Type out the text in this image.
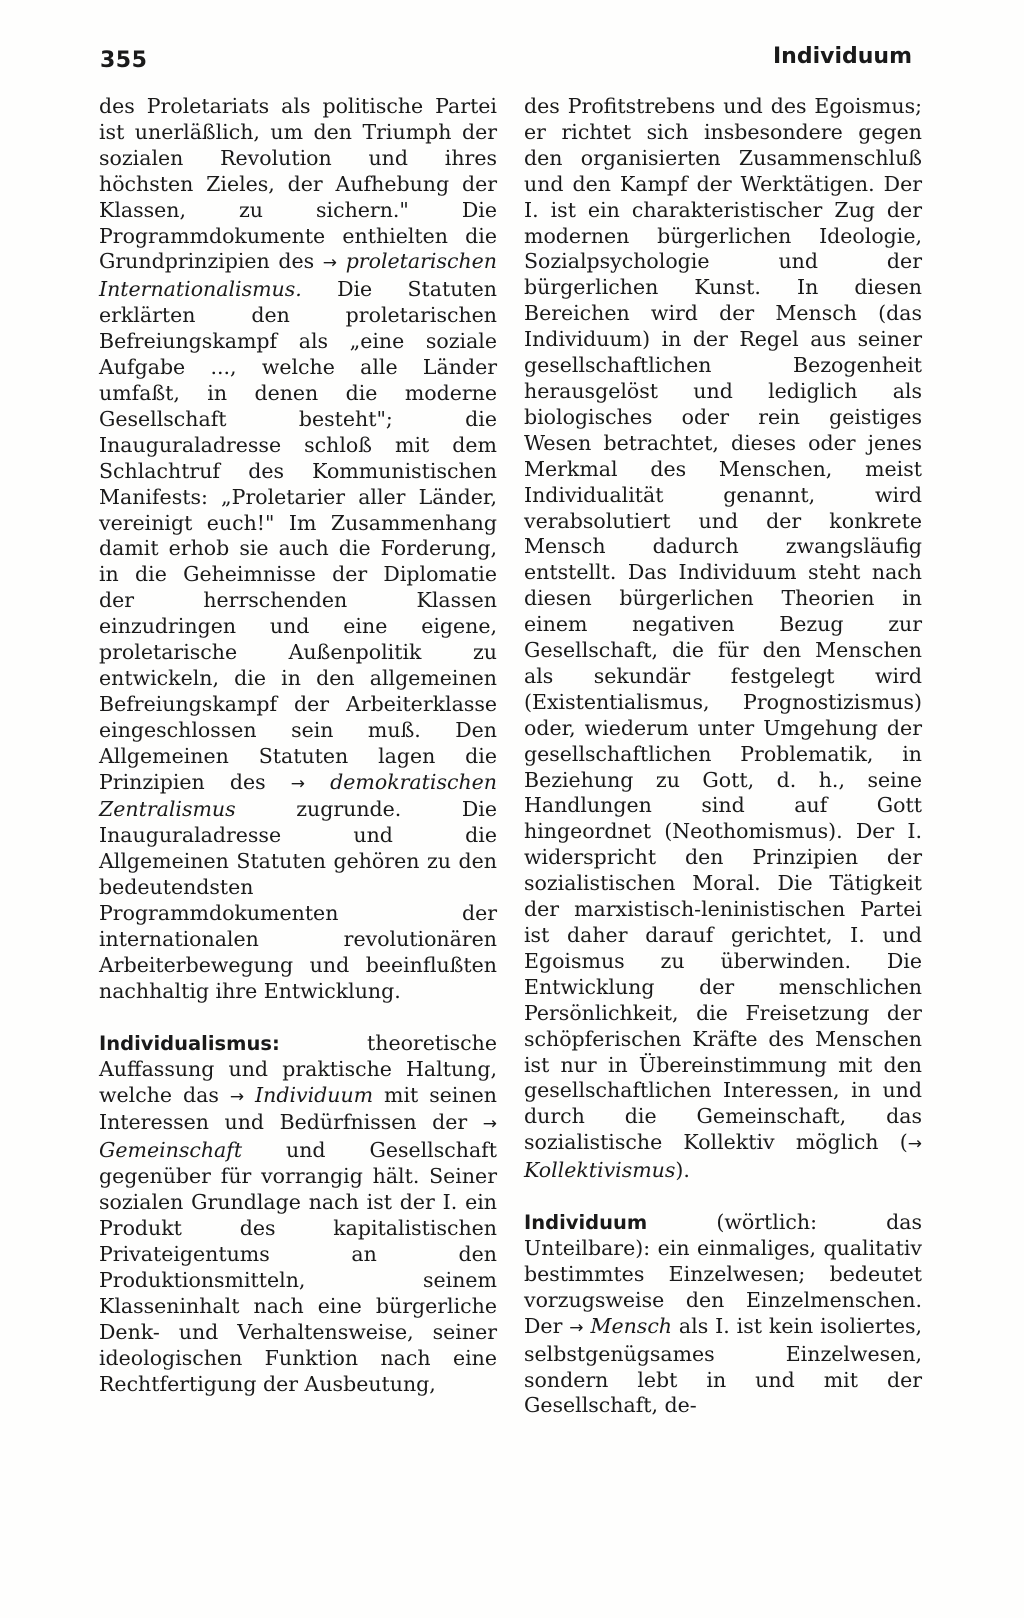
355	Individuum

des Proletariats als politische Partei ist unerläßlich, um den Triumph der sozialen Revolution und ihres höchsten Zieles, der Aufhebung der Klassen, zu sichern." Die Programmdokumente enthielten die Grundprinzipien des → proletarischen Internationalismus. Die Statuten erklärten den proletarischen Befreiungskampf als „eine soziale Aufgabe ..., welche alle Länder umfaßt, in denen die moderne Gesellschaft besteht"; die Inauguraladresse schloß mit dem Schlachtruf des Kommunistischen Manifests: „Proletarier aller Länder, vereinigt euch!" Im Zusammenhang damit erhob sie auch die Forderung, in die Geheimnisse der Diplomatie der herrschenden Klassen einzudringen und eine eigene, proletarische Außenpolitik zu entwickeln, die in den allgemeinen Befreiungskampf der Arbeiterklasse eingeschlossen sein muß. Den Allgemeinen Statuten lagen die Prinzipien des → demokratischen Zentralismus zugrunde. Die Inauguraladresse und die Allgemeinen Statuten gehören zu den bedeutendsten Programmdokumenten der internationalen revolutionären Arbeiterbewegung und beeinflußten nachhaltig ihre Entwicklung.

Individualismus: theoretische Auffassung und praktische Haltung, welche das → Individuum mit seinen Interessen und Bedürfnissen der → Gemeinschaft und Gesellschaft gegenüber für vorrangig hält. Seiner sozialen Grundlage nach ist der I. ein Produkt des kapitalistischen Privateigentums an den Produktionsmitteln, seinem Klasseninhalt nach eine bürgerliche Denk- und Verhaltensweise, seiner ideologischen Funktion nach eine Rechtfertigung der Ausbeutung,

des Profitstrebens und des Egoismus; er richtet sich insbesondere gegen den organisierten Zusammenschluß und den Kampf der Werktätigen. Der I. ist ein charakteristischer Zug der modernen bürgerlichen Ideologie, Sozialpsychologie und der bürgerlichen Kunst. In diesen Bereichen wird der Mensch (das Individuum) in der Regel aus seiner gesellschaftlichen Bezogenheit herausgelöst und lediglich als biologisches oder rein geistiges Wesen betrachtet, dieses oder jenes Merkmal des Menschen, meist Individualität genannt, wird verabsolutiert und der konkrete Mensch dadurch zwangsläufig entstellt. Das Individuum steht nach diesen bürgerlichen Theorien in einem negativen Bezug zur Gesellschaft, die für den Menschen als sekundär festgelegt wird (Existentialismus, Prognostizismus) oder, wiederum unter Umgehung der gesellschaftlichen Problematik, in Beziehung zu Gott, d. h., seine Handlungen sind auf Gott hingeordnet (Neothomismus). Der I. widerspricht den Prinzipien der sozialistischen Moral. Die Tätigkeit der marxistisch-leninistischen Partei ist daher darauf gerichtet, I. und Egoismus zu überwinden. Die Entwicklung der menschlichen Persönlichkeit, die Freisetzung der schöpferischen Kräfte des Menschen ist nur in Übereinstimmung mit den gesellschaftlichen Interessen, in und durch die Gemeinschaft, das sozialistische Kollektiv möglich (→ Kollektivismus).

Individuum (wörtlich: das Unteilbare): ein einmaliges, qualitativ bestimmtes Einzelwesen; bedeutet vorzugsweise den Einzelmenschen. Der → Mensch als I. ist kein isoliertes, selbstgenügsames Einzelwesen, sondern lebt in und mit der Gesellschaft, de-
